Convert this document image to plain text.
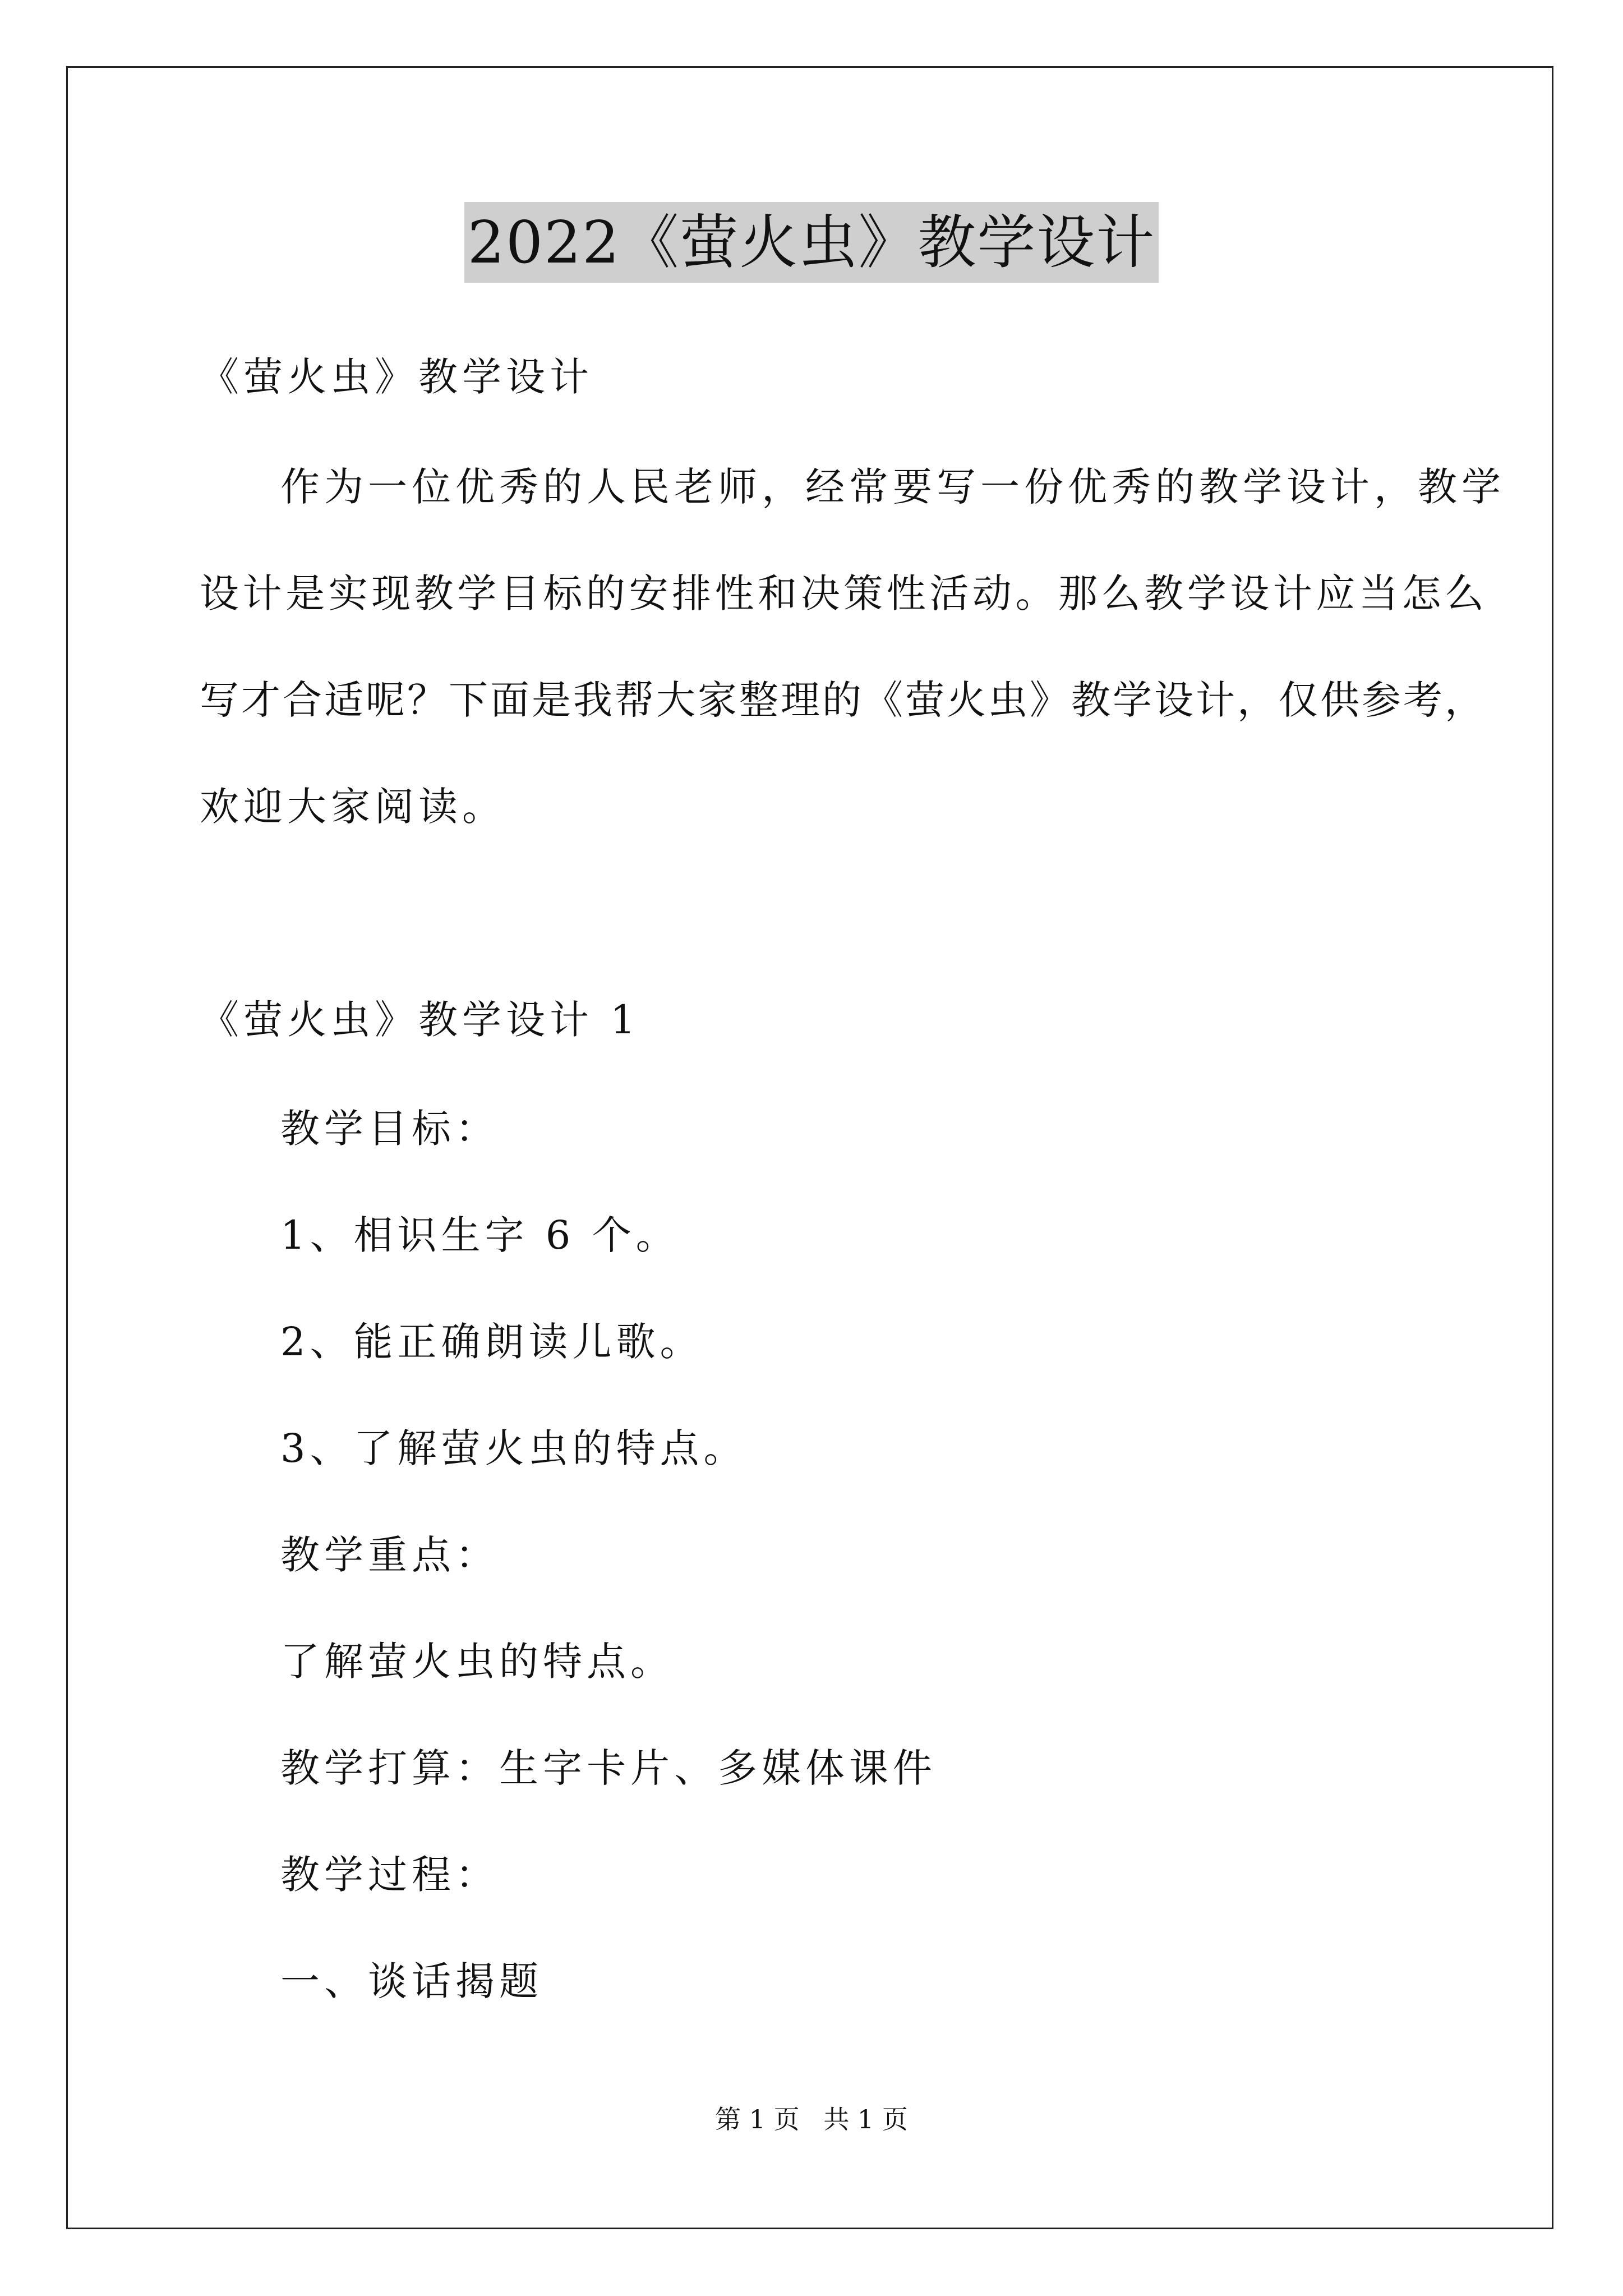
2022《萤火虫》教学设计
《萤火虫》教学设计
作为一位优秀的人民老师，经常要写一份优秀的教学设计，教学
设计是实现教学目标的安排性和决策性活动。那么教学设计应当怎么
写才合适呢？下面是我帮大家整理的《萤火虫》教学设计，仅供参考，
欢迎大家阅读。
《萤火虫》教学设计 1
教学目标：
1、相识生字 6 个。
2、能正确朗读儿歌。
3、了解萤火虫的特点。
教学重点：
了解萤火虫的特点。
教学打算：生字卡片、多媒体课件
教学过程：
一、谈话揭题
第 1 页 共 1 页
